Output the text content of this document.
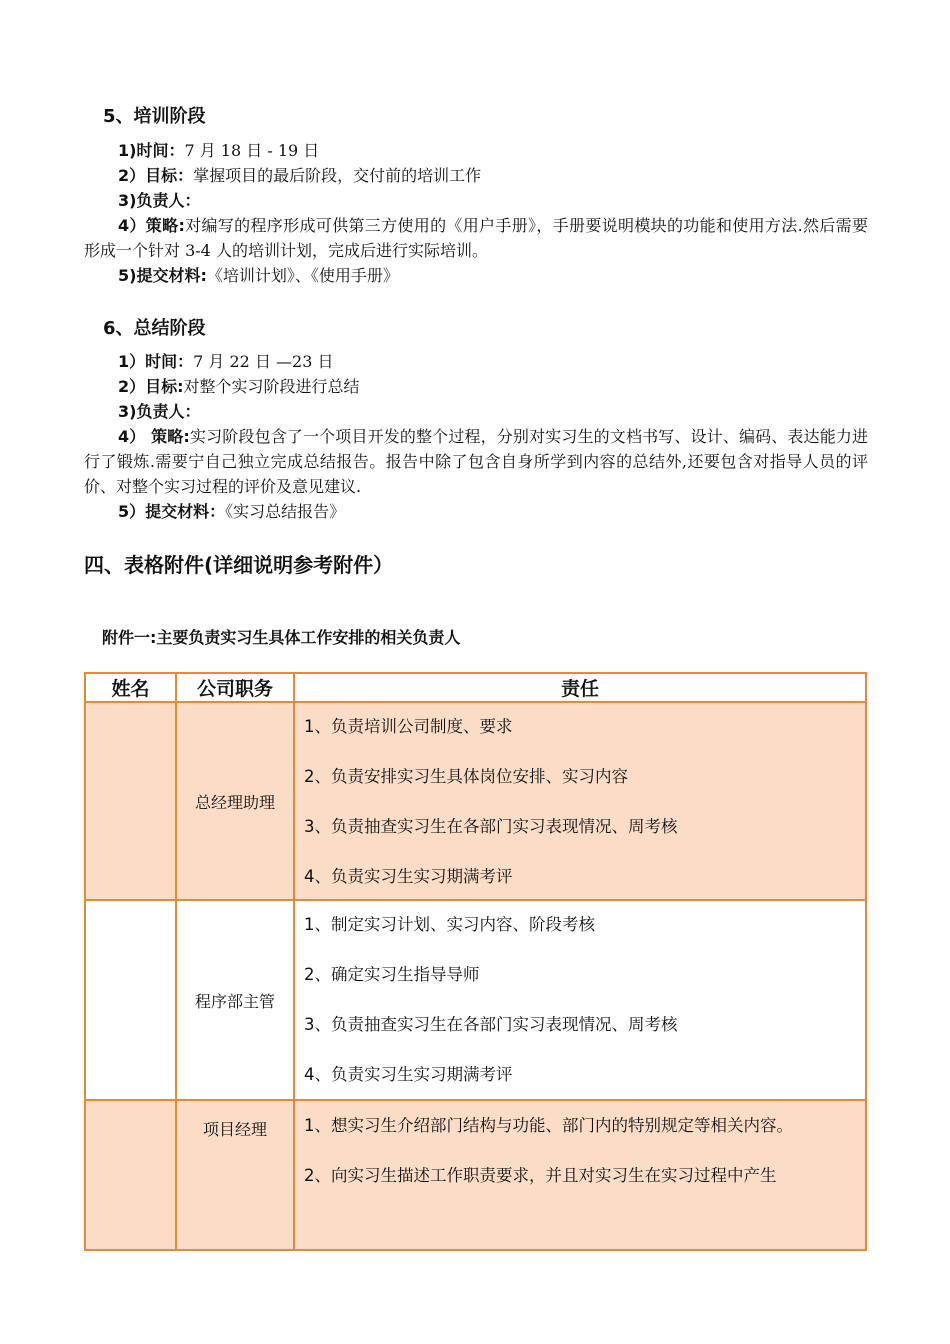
5、培训阶段
1)时间：7 月 18 日 - 19 日
2）目标：掌握项目的最后阶段，交付前的培训工作
3)负责人：
4）策略:对编写的程序形成可供第三方使用的《用户手册》，手册要说明模块的功能和使用方法.然后需要形成一个针对 3-4 人的培训计划，完成后进行实际培训。
5)提交材料:《培训计划》、《使用手册》
6、总结阶段
1）时间：7 月 22 日 —23 日
2）目标:对整个实习阶段进行总结
3)负责人：
4） 策略:实习阶段包含了一个项目开发的整个过程，分别对实习生的文档书写、设计、编码、表达能力进行了锻炼.需要宁自己独立完成总结报告。报告中除了包含自身所学到内容的总结外,还要包含对指导人员的评价、对整个实习过程的评价及意见建议.
5）提交材料：《实习总结报告》
四、表格附件(详细说明参考附件）
附件一:主要负责实习生具体工作安排的相关负责人
姓名	公司职务	责任
	总经理助理	1、负责培训公司制度、要求
2、负责安排实习生具体岗位安排、实习内容
3、负责抽查实习生在各部门实习表现情况、周考核
4、负责实习生实习期满考评

	程序部主管	1、制定实习计划、实习内容、阶段考核
2、确定实习生指导导师
3、负责抽查实习生在各部门实习表现情况、周考核
4、负责实习生实习期满考评

	项目经理	1、想实习生介绍部门结构与功能、部门内的特别规定等相关内容。
2、向实习生描述工作职责要求，并且对实习生在实习过程中产生
